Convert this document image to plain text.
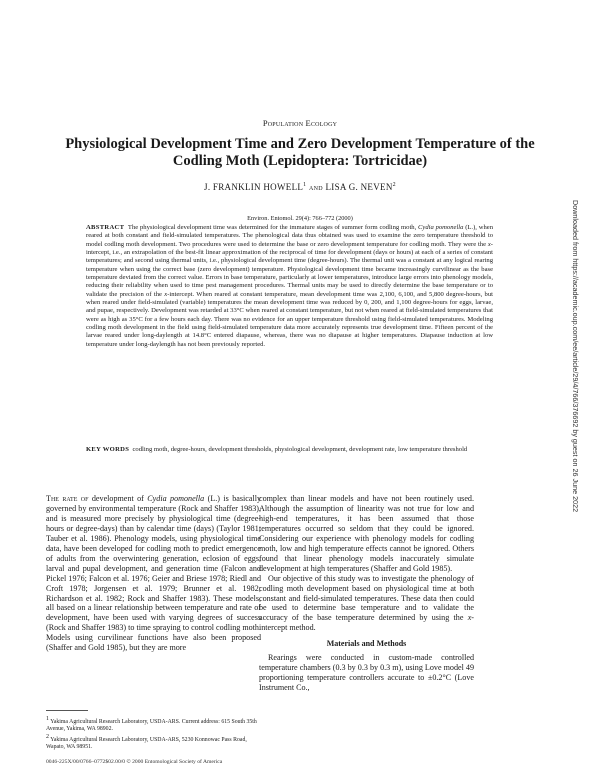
Population Ecology
Physiological Development Time and Zero Development Temperature of the Codling Moth (Lepidoptera: Tortricidae)
J. FRANKLIN HOWELL$^1$ and LISA G. NEVEN$^2$
Environ. Entomol. 29(4): 766–772 (2000)

ABSTRACT The physiological development time was determined for the immature stages of summer form codling moth, Cydia pomonella (L.), when reared at both constant and field-simulated temperatures. The phenological data thus obtained was used to examine the zero temperature threshold to model codling moth development. Two procedures were used to determine the base or zero development temperature for codling moth. They were the x-intercept, i.e., an extrapolation of the best-fit linear approximation of the reciprocal of time for development (days or hours) at each of a series of constant temperatures; and second using thermal units, i.e., physiological development time (degree-hours). The thermal unit was a constant at any logical rearing temperature when using the correct base (zero development) temperature. Physiological development time became increasingly curvilinear as the base temperature deviated from the correct value. Errors in base temperature, particularly at lower temperatures, introduce large errors into phenology models, reducing their reliability when used to time pest management procedures. Thermal units may be used to directly determine the base temperature or to validate the precision of the x-intercept. When reared at constant temperature, mean development time was 2,100, 6,100, and 5,800 degree-hours, but when reared under field-simulated (variable) temperatures the mean development time was reduced by 0, 200, and 1,100 degree-hours for eggs, larvae, and pupae, respectively. Development was retarded at 33°C when reared at constant temperature, but not when reared at field-simulated temperatures that were as high as 35°C for a few hours each day. There was no evidence for an upper temperature threshold using field-simulated temperatures. Modeling codling moth development in the field using field-simulated temperature data more accurately represents true development time. Fifteen percent of the larvae reared under long-daylength at 14.8°C entered diapause, whereas, there was no diapause at higher temperatures. Diapause induction at low temperature under long-daylength has not been previously reported.

KEY WORDS codling moth, degree-hours, development thresholds, physiological development, development rate, low temperature threshold	Downloaded from https://academic.oup.com/ee/article/29/4/766/376692 by guest on 26 June 2022

The rate of development of Cydia pomonella (L.) is basically governed by environmental temperature (Rock and Shaffer 1983), and is measured more precisely by physiological time (degree-hours or degree-days) than by calendar time (days) (Taylor 1981; Tauber et al. 1986). Phenology models, using physiological time data, have been developed for codling moth to predict emergence of adults from the overwintering generation, eclosion of eggs, larval and pupal development, and generation time (Falcon and Pickel 1976; Falcon et al. 1976; Geier and Briese 1978; Riedl and Croft 1978; Jorgensen et al. 1979; Brunner et al. 1982; Richardson et al. 1982; Rock and Shaffer 1983). These models, all based on a linear relationship between temperature and rate of development, have been used with varying degrees of success (Rock and Shaffer 1983) to time spraying to control codling moth. Models using curvilinear functions have also been proposed (Shaffer and Gold 1985), but they are more

complex than linear models and have not been routinely used. Although the assumption of linearity was not true for low and high-end temperatures, it has been assumed that those temperatures occurred so seldom that they could be ignored. Considering our experience with phenology models for codling moth, low and high temperature effects cannot be ignored. Others found that linear phenology models inaccurately simulate development at high temperatures (Shaffer and Gold 1985).

Our objective of this study was to investigate the phenology of codling moth development based on physiological time at both constant and field-simulated temperatures. These data then could be used to determine base temperature and to validate the accuracy of the base temperature determined by using the x-intercept method.

Materials and Methods

Rearings were conducted in custom-made controlled temperature chambers (0.3 by 0.3 by 0.3 m), using Love model 49 proportioning temperature controllers accurate to ±0.2°C (Love Instrument Co.,

$^1$ Yakima Agricultural Research Laboratory, USDA-ARS. Current address: 615 South 35th Avenue, Yakima, WA 98902.

$^2$ Yakima Agricultural Research Laboratory, USDA-ARS, 5230 Konnowac Pass Road, Wapato, WA 98951.

0046-225X/00/0766–0772$02.00/0 © 2000 Entomological Society of America
